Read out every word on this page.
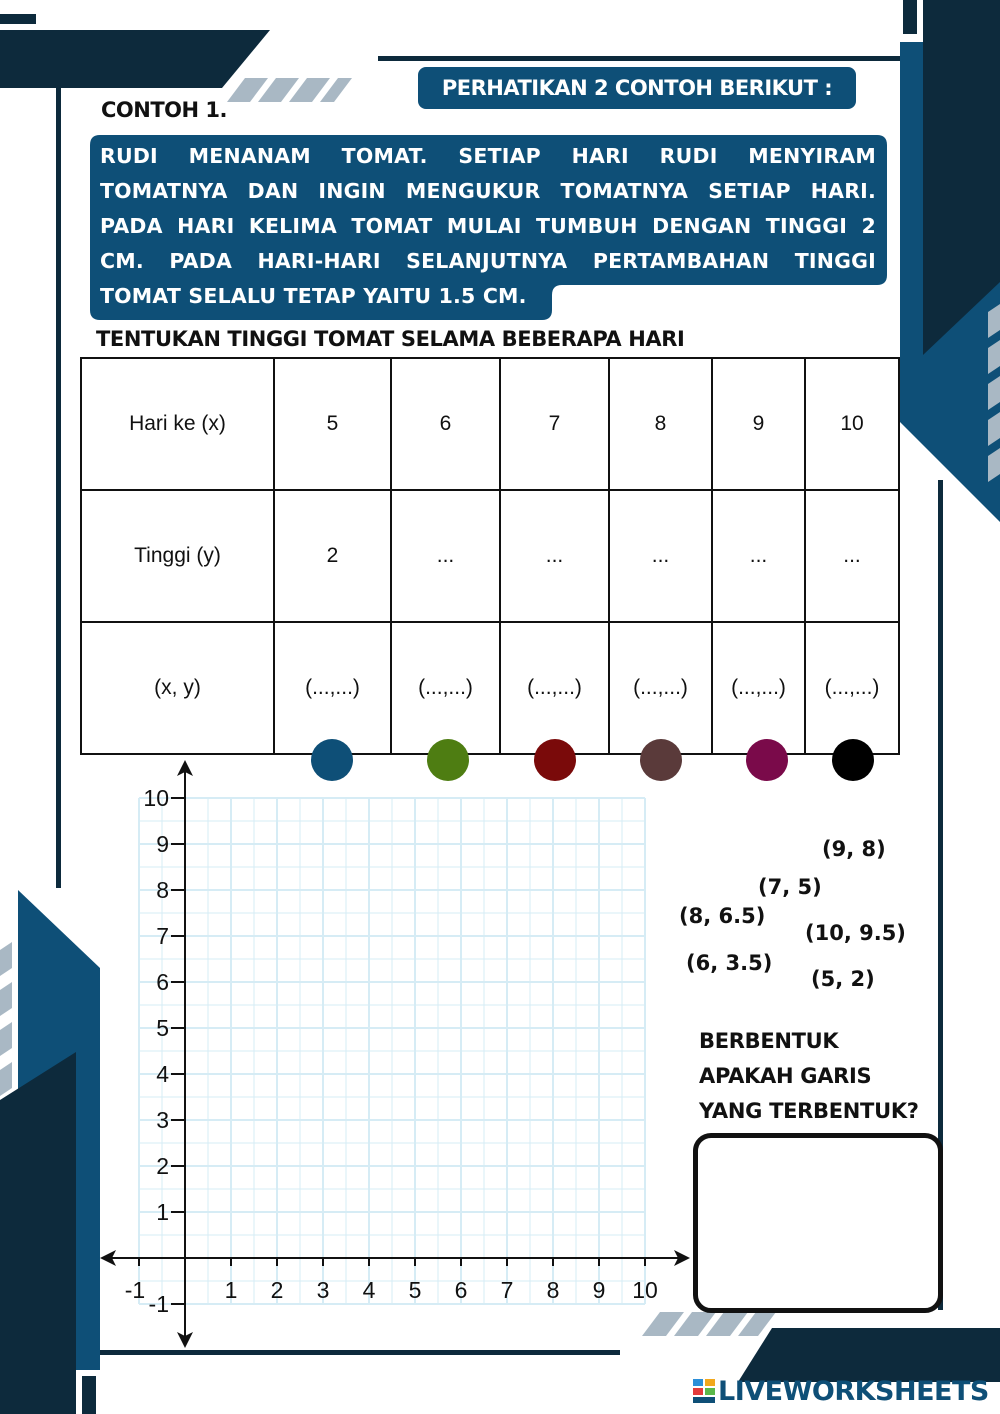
PERHATIKAN 2 CONTOH BERIKUT :
CONTOH 1.

RUDI MENANAM TOMAT. SETIAP HARI RUDI MENYIRAM

TOMATNYA DAN INGIN MENGUKUR TOMATNYA SETIAP HARI.

PADA HARI KELIMA TOMAT MULAI TUMBUH DENGAN TINGGI 2

CM. PADA HARI-HARI SELANJUTNYA PERTAMBAHAN TINGGI

TOMAT SELALU TETAP YAITU 1.5 CM.

TENTUKAN TINGGI TOMAT SELAMA BEBERAPA HARI
Hari ke (x)	5	6	7	8	9	10
Tinggi (y)	2	...	...	...	...	...
(x, y)	(...,...)	(...,...)	(...,...)	(...,...)	(...,...)	(...,...)
-1	1 2 3 4 5 6 7 8 9 10
-1
1
2
3
4
5
6
7
8
9
10
(9, 8)
(7, 5)
(8, 6.5)
(10, 9.5)
(6, 3.5)
(5, 2)
BERBENTUK
APAKAH GARIS
YANG TERBENTUK?
LIVEWORKSHEETS
